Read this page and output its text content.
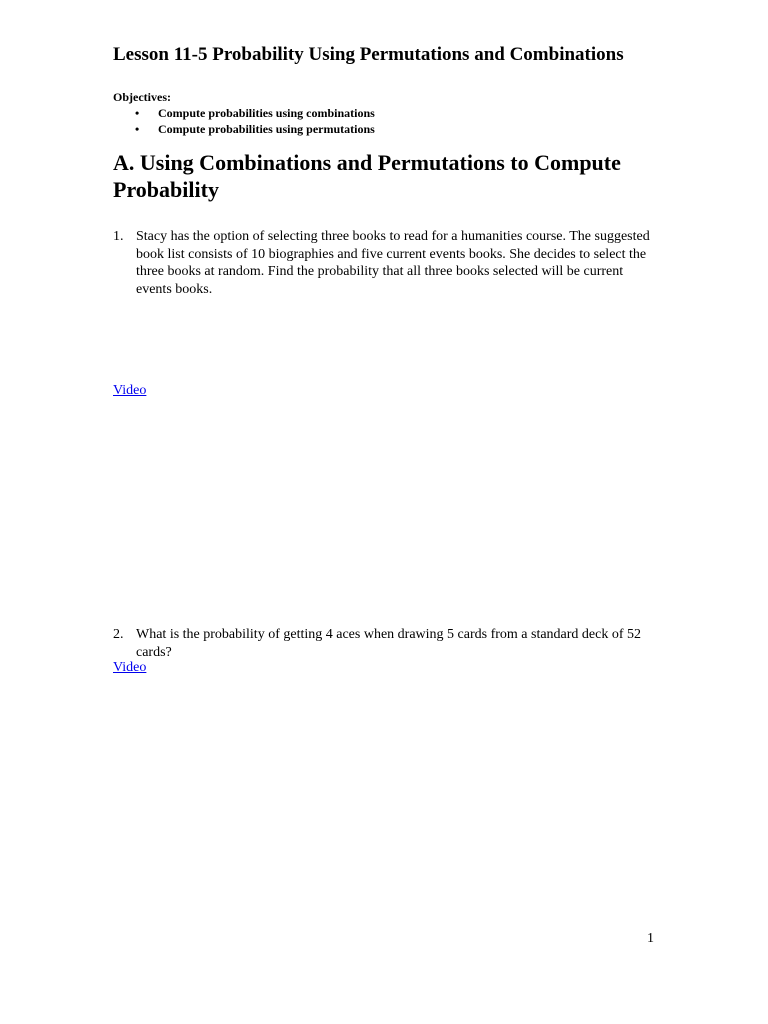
Lesson 11-5 Probability Using Permutations and Combinations

Objectives:

• Compute probabilities using combinations
• Compute probabilities using permutations
A. Using Combinations and Permutations to Compute Probability
1. Stacy has the option of selecting three books to read for a humanities course. The suggested book list consists of 10 biographies and five current events books. She decides to select the three books at random. Find the probability that all three books selected will be current events books.
Video
2. What is the probability of getting 4 aces when drawing 5 cards from a standard deck of 52 cards?
Video
1
